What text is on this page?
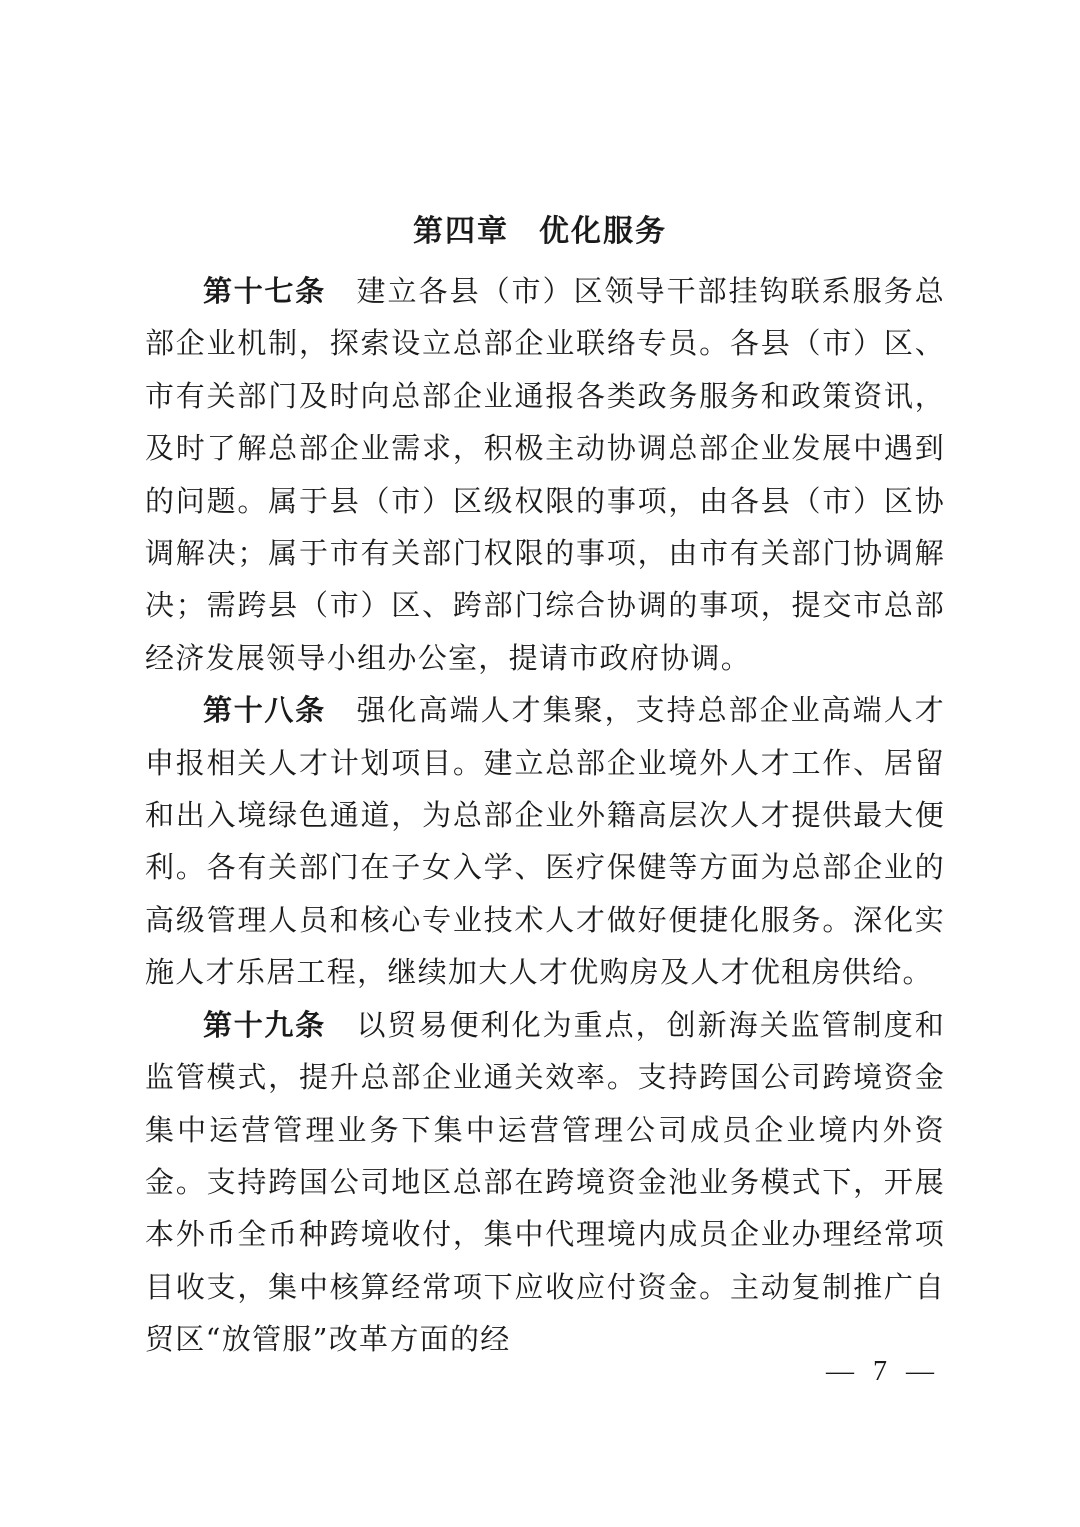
第四章 优化服务

第十七条 建立各县（市）区领导干部挂钩联系服务总部企业机制，探索设立总部企业联络专员。各县（市）区、市有关部门及时向总部企业通报各类政务服务和政策资讯，及时了解总部企业需求，积极主动协调总部企业发展中遇到的问题。属于县（市）区级权限的事项，由各县（市）区协调解决；属于市有关部门权限的事项，由市有关部门协调解决；需跨县（市）区、跨部门综合协调的事项，提交市总部经济发展领导小组办公室，提请市政府协调。

第十八条 强化高端人才集聚，支持总部企业高端人才申报相关人才计划项目。建立总部企业境外人才工作、居留和出入境绿色通道，为总部企业外籍高层次人才提供最大便利。各有关部门在子女入学、医疗保健等方面为总部企业的高级管理人员和核心专业技术人才做好便捷化服务。深化实施人才乐居工程，继续加大人才优购房及人才优租房供给。

第十九条 以贸易便利化为重点，创新海关监管制度和监管模式，提升总部企业通关效率。支持跨国公司跨境资金集中运营管理业务下集中运营管理公司成员企业境内外资金。支持跨国公司地区总部在跨境资金池业务模式下，开展本外币全币种跨境收付，集中代理境内成员企业办理经常项目收支，集中核算经常项下应收应付资金。主动复制推广自贸区“放管服”改革方面的经

— 7 —
